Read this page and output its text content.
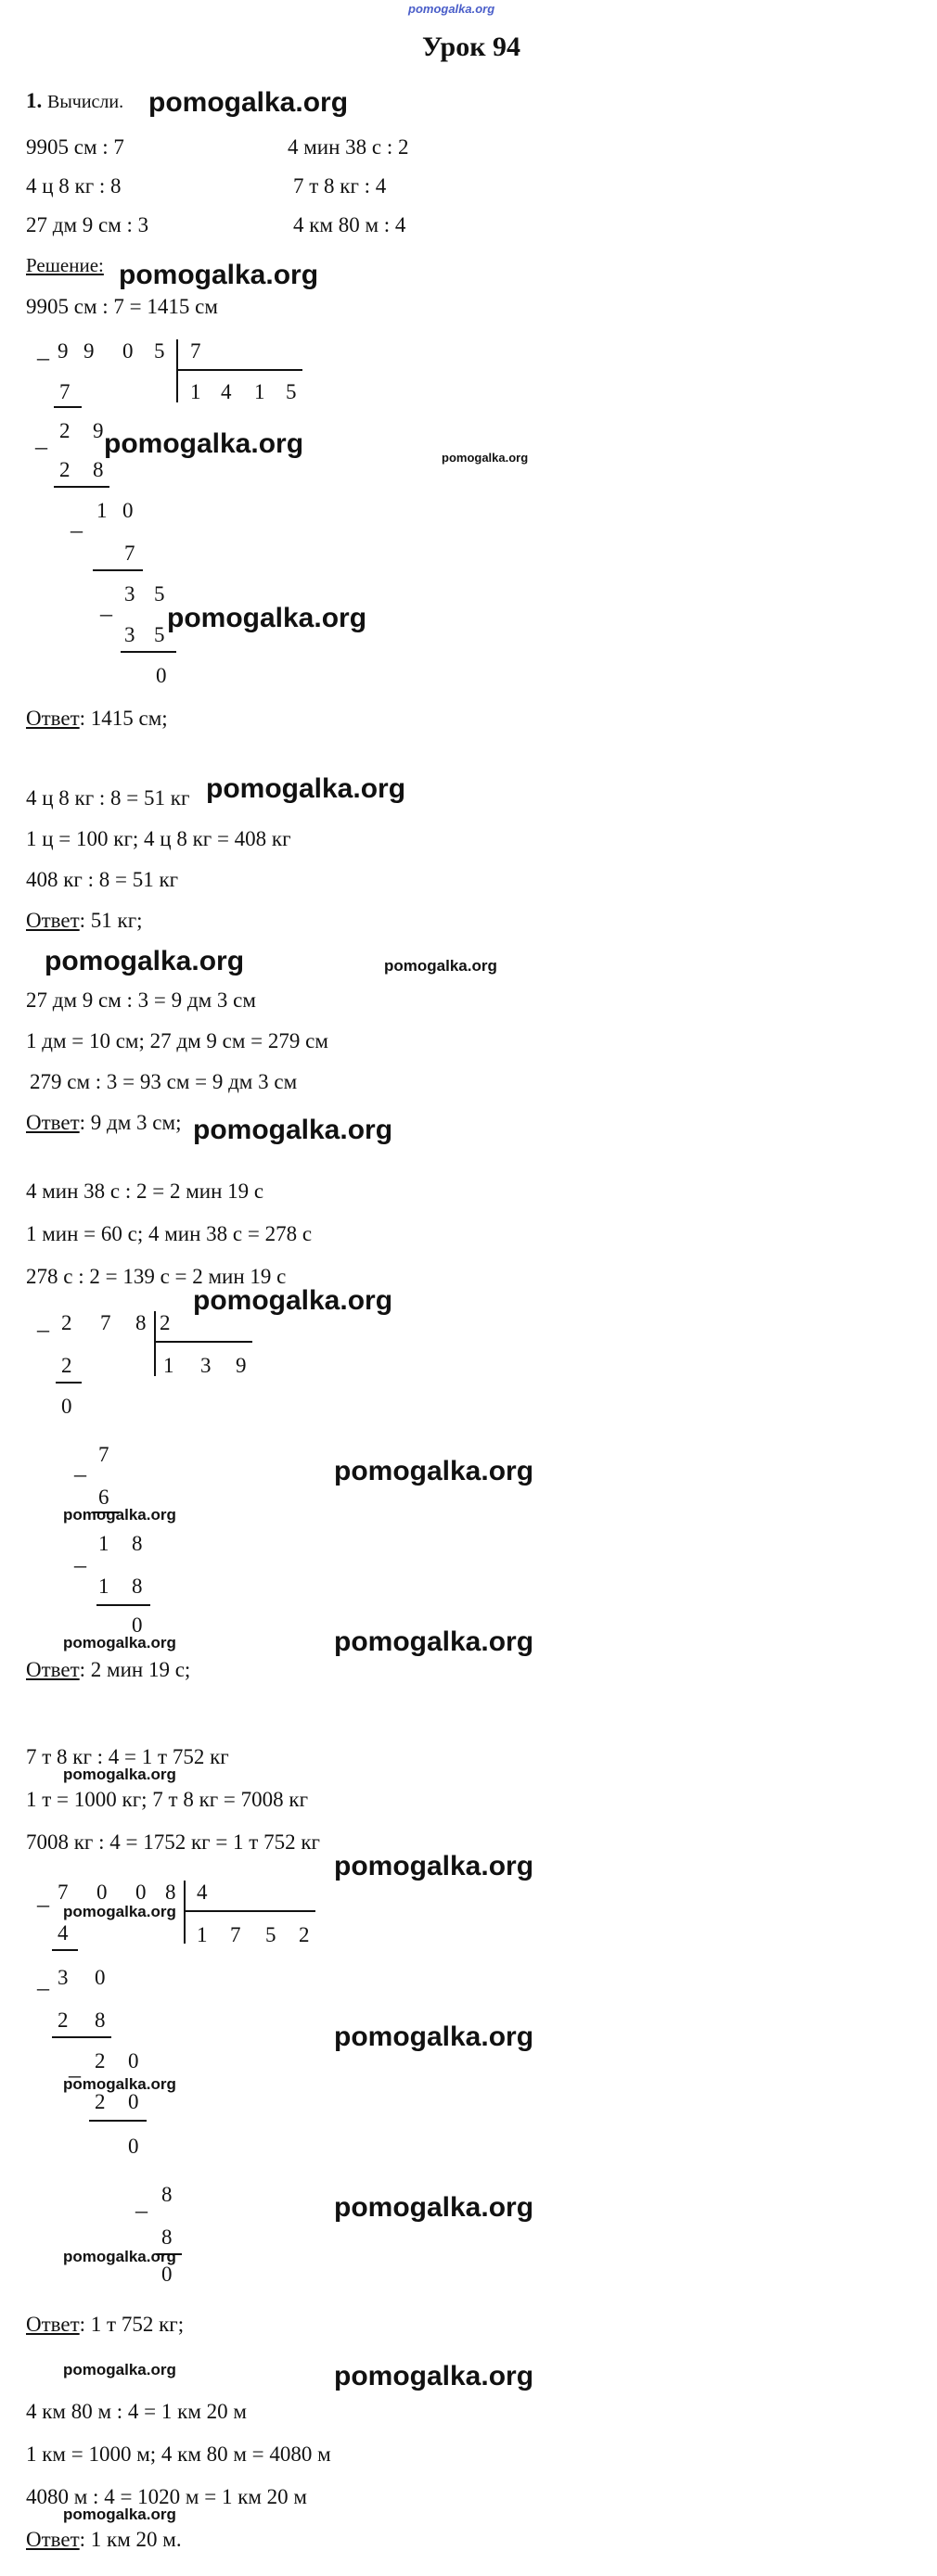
pomogalka.org
Урок 94
1. Вычисли. pomogalka.org
9905 см : 7	4 мин 38 с : 2
4 ц 8 кг : 8	7 т 8 кг : 4
27 дм 9 см : 3	4 км 80 м : 4
Решение: pomogalka.org
9905 см : 7 = 1415 см
_ 9 9 0 5 7
1 4 1 5
7
_ 2 9
2 8
_ 1 0
7
_ 3 5
3 5
0
pomogalka.org	pomogalka.org
pomogalka.org
Ответ: 1415 см;
4 ц 8 кг : 8 = 51 кг pomogalka.org
1 ц = 100 кг; 4 ц 8 кг = 408 кг
408 кг : 8 = 51 кг
Ответ: 51 кг;
pomogalka.org	pomogalka.org
27 дм 9 см : 3 = 9 дм 3 см
1 дм = 10 см; 27 дм 9 см = 279 см
279 см : 3 = 93 см = 9 дм 3 см
Ответ: 9 дм 3 см; pomogalka.org
4 мин 38 с : 2 = 2 мин 19 с
1 мин = 60 с; 4 мин 38 с = 278 с
278 с : 2 = 139 с = 2 мин 19 с
pomogalka.org
_ 2 7 8 2
1 3 9
2
0
_ 7
6
_ 1 8
1 8
0
pomogalka.org
pomogalka.org
pomogalka.org	pomogalka.org
Ответ: 2 мин 19 с;
7 т 8 кг : 4 = 1 т 752 кг
pomogalka.org
1 т = 1000 кг; 7 т 8 кг = 7008 кг
7008 кг : 4 = 1752 кг = 1 т 752 кг
pomogalka.org
_ 7 0 0 8 4
1 7 5 2
4
_ 3 0
2 8
_ 2 0
2 0
0
_ 8
8
0
pomogalka.org
pomogalka.org
pomogalka.org
pomogalka.org
pomogalka.org
Ответ: 1 т 752 кг;
pomogalka.org	pomogalka.org
4 км 80 м : 4 = 1 км 20 м
1 км = 1000 м; 4 км 80 м = 4080 м
4080 м : 4 = 1020 м = 1 км 20 м
pomogalka.org
Ответ: 1 км 20 м.
